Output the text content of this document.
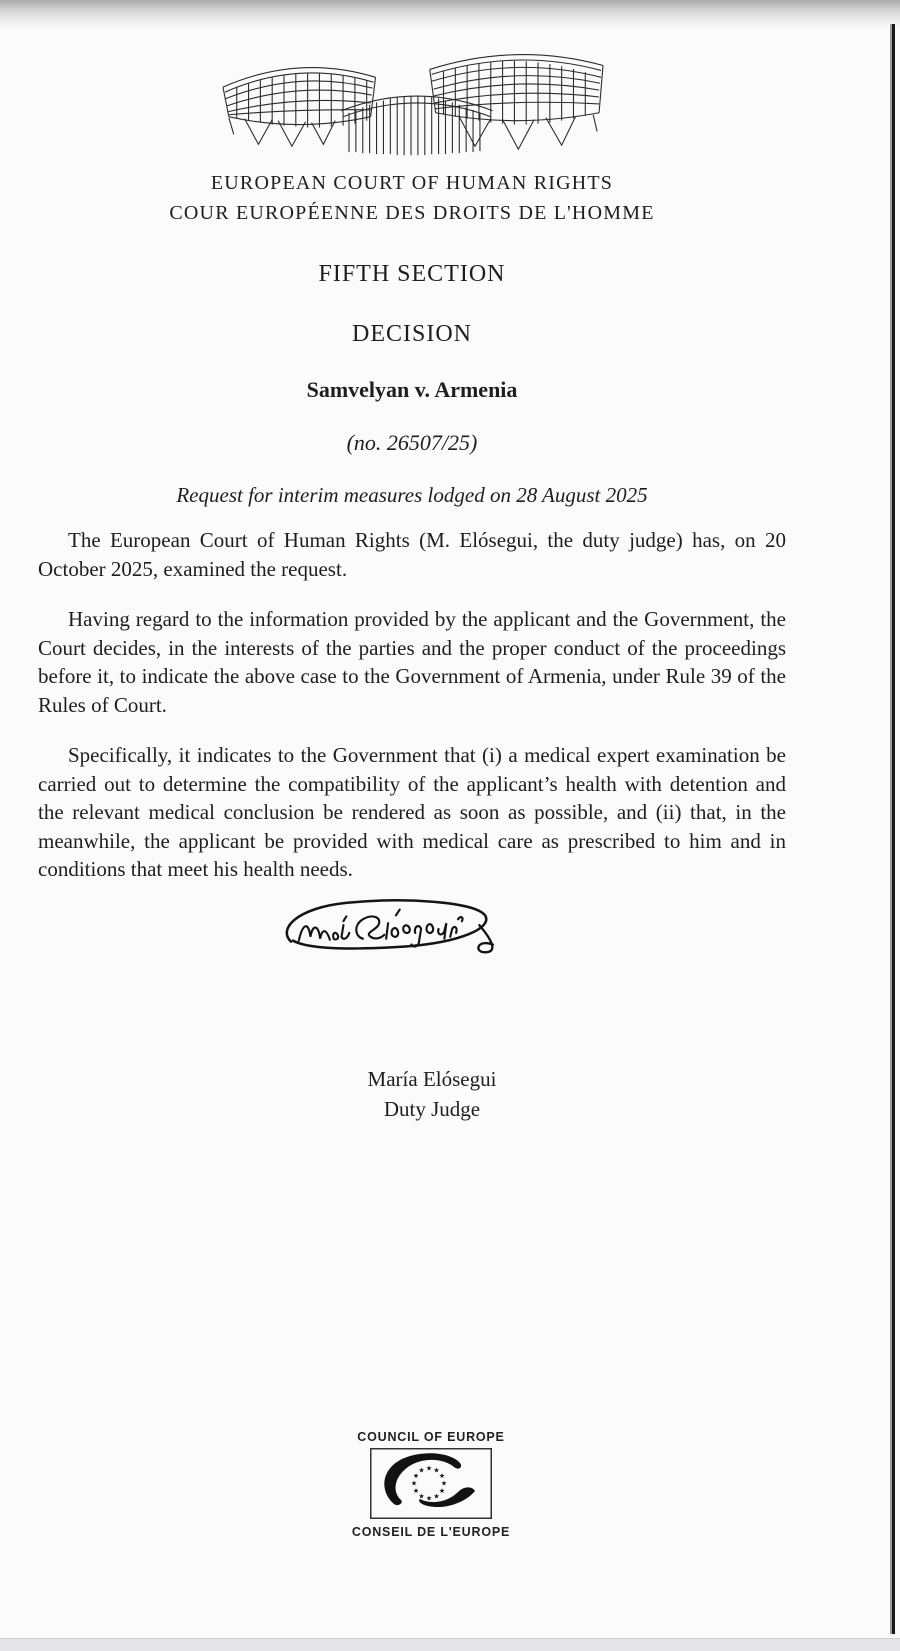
EUROPEAN COURT OF HUMAN RIGHTS
COUR EUROPÉENNE DES DROITS DE L'HOMME
FIFTH SECTION
DECISION
Samvelyan v. Armenia
(no. 26507/25)
Request for interim measures lodged on 28 August 2025

The European Court of Human Rights (M. Elósegui, the duty judge) has, on 20 October 2025, examined the request.

Having regard to the information provided by the applicant and the Government, the Court decides, in the interests of the parties and the proper conduct of the proceedings before it, to indicate the above case to the Government of Armenia, under Rule 39 of the Rules of Court.

Specifically, it indicates to the Government that (i) a medical expert examination be carried out to determine the compatibility of the applicant’s health with detention and the relevant medical conclusion be rendered as soon as possible, and (ii) that, in the meanwhile, the applicant be provided with medical care as prescribed to him and in conditions that meet his health needs.

María Elósegui
Duty Judge
COUNCIL OF EUROPE
★
★
★
★
★
★
★
★
★ ★ ★
★
CONSEIL DE L'EUROPE
